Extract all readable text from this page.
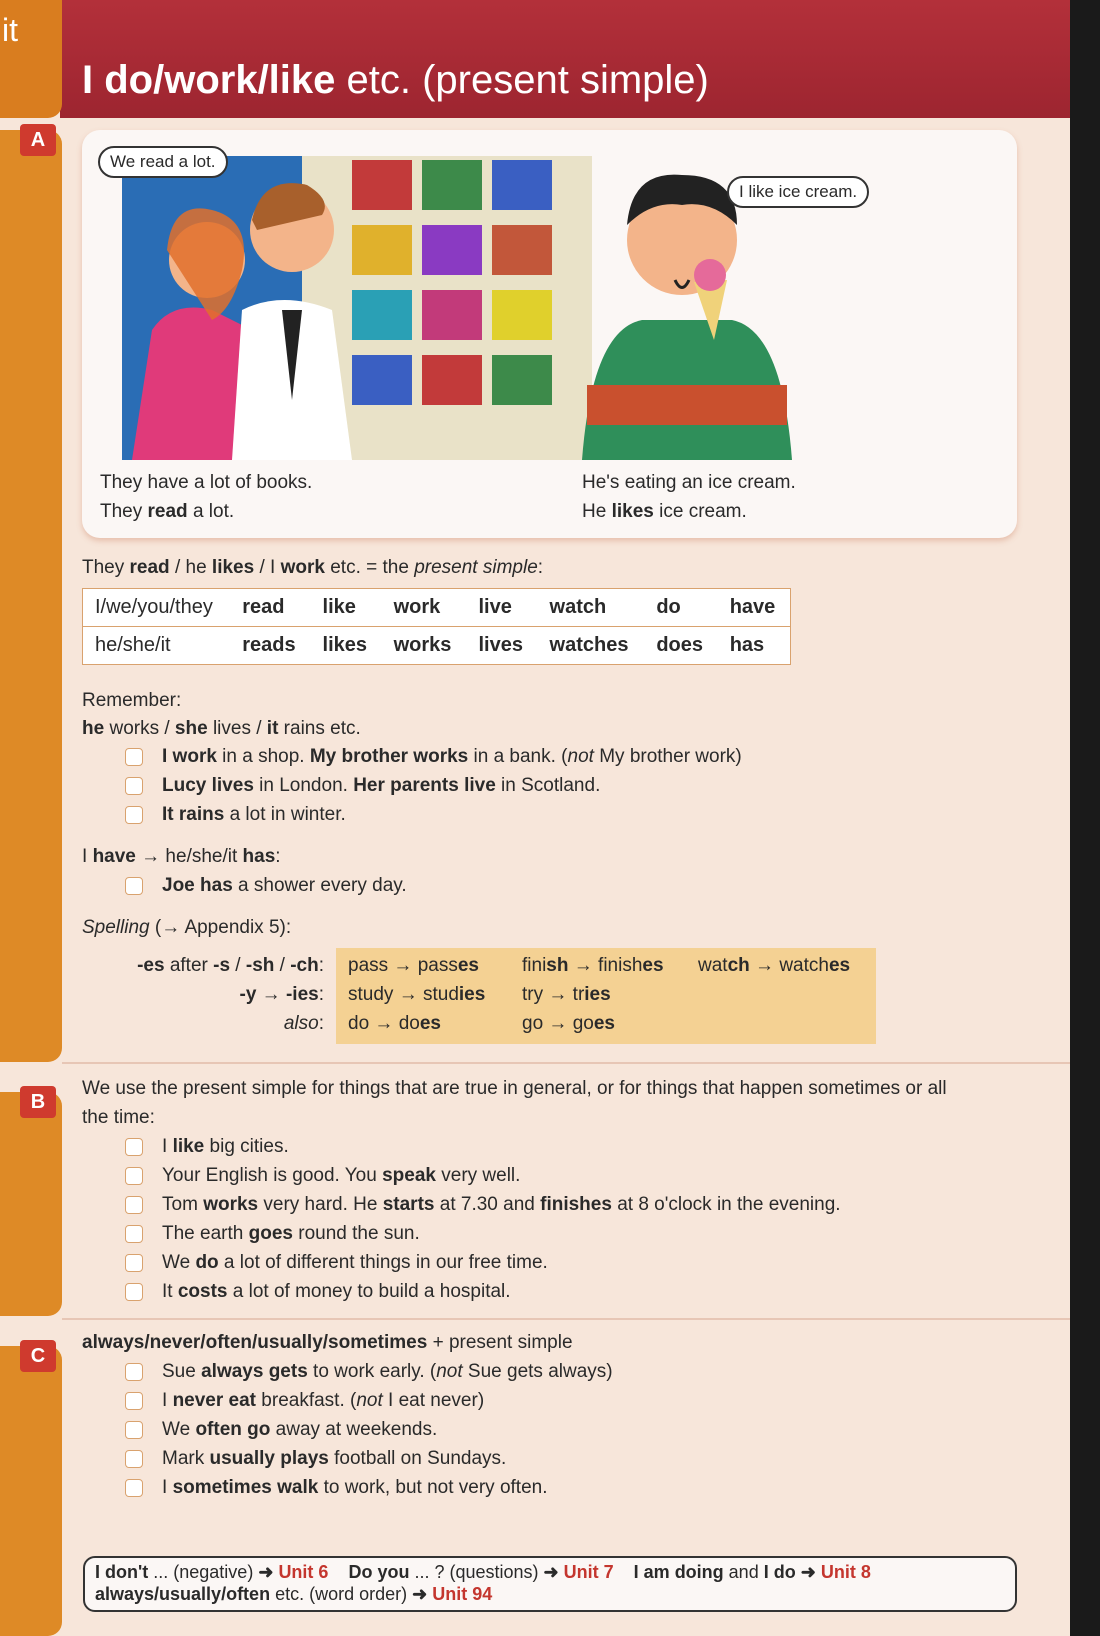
it
I do/work/like etc. (present simple)
A
B
C
We read a lot.
I like ice cream.
They have a lot of books.
They read a lot.
He's eating an ice cream.
He likes ice cream.

They read / he likes / I work etc. = the present simple:

I/we/you/they	read	like	work	live	watch	do	have
he/she/it	reads	likes	works	lives	watches	does	has

Remember:

he works / she lives / it rains etc.

I work in a shop. My brother works in a bank. (not My brother work)
Lucy lives in London. Her parents live in Scotland.
It rains a lot in winter.

I have → he/she/it has:

Joe has a shower every day.

Spelling (→ Appendix 5):

-es after -s / -sh / -ch: pass → passes finish → finishes watch → watches
-y → -ies: study → studies try → tries
also: do → does	go → goes

We use the present simple for things that are true in general, or for things that happen sometimes or all

the time:

I like big cities.
Your English is good. You speak very well.
Tom works very hard. He starts at 7.30 and finishes at 8 o'clock in the evening.
The earth goes round the sun.
We do a lot of different things in our free time.
It costs a lot of money to build a hospital.

always/never/often/usually/sometimes + present simple

Sue always gets to work early. (not Sue gets always)
I never eat breakfast. (not I eat never)
We often go away at weekends.
Mark usually plays football on Sundays.
I sometimes walk to work, but not very often.
I don't ... (negative) ➜ Unit 6 Do you ... ? (questions) ➜ Unit 7 I am doing and I do ➜ Unit 8
always/usually/often etc. (word order) ➜ Unit 94
